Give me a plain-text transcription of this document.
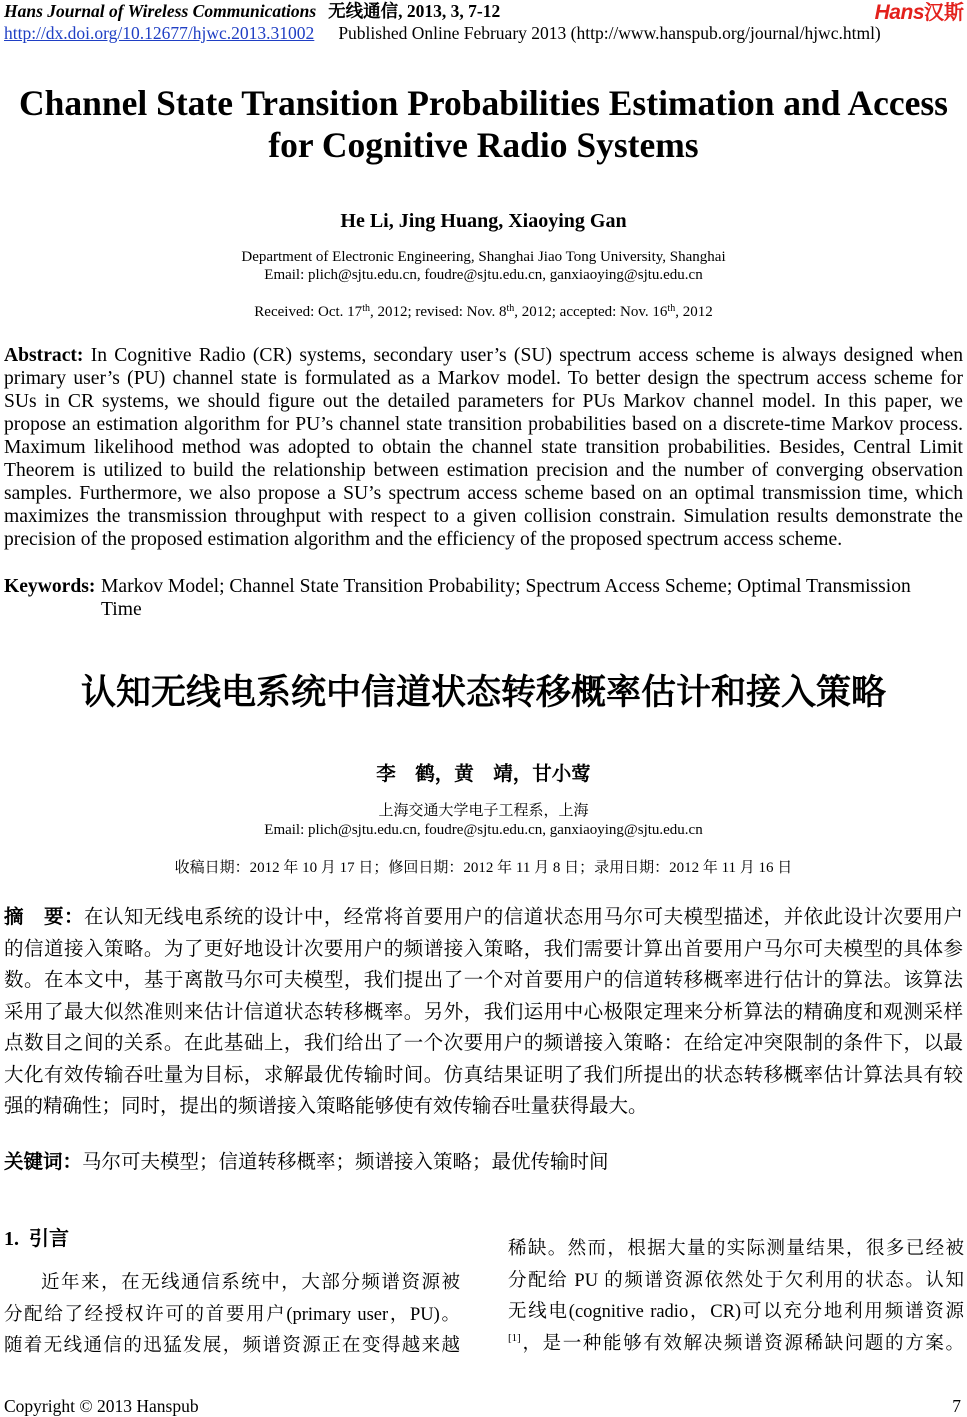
Hans Journal of Wireless Communications 无线通信, 2013, 3, 7-12	Hans汉斯
http://dx.doi.org/10.12677/hjwc.2013.31002 Published Online February 2013 (http://www.hanspub.org/journal/hjwc.html)
Channel State Transition Probabilities Estimation and Access
for Cognitive Radio Systems
He Li, Jing Huang, Xiaoying Gan
Department of Electronic Engineering, Shanghai Jiao Tong University, Shanghai
Email: plich@sjtu.edu.cn, foudre@sjtu.edu.cn, ganxiaoying@sjtu.edu.cn
Received: Oct. 17th, 2012; revised: Nov. 8th, 2012; accepted: Nov. 16th, 2012
Abstract: In Cognitive Radio (CR) systems, secondary user’s (SU) spectrum access scheme is always designed when
primary user’s (PU) channel state is formulated as a Markov model. To better design the spectrum access scheme for
SUs in CR systems, we should figure out the detailed parameters for PUs Markov channel model. In this paper, we
propose an estimation algorithm for PU’s channel state transition probabilities based on a discrete-time Markov process.
Maximum likelihood method was adopted to obtain the channel state transition probabilities. Besides, Central Limit
Theorem is utilized to build the relationship between estimation precision and the number of converging observation
samples. Furthermore, we also propose a SU’s spectrum access scheme based on an optimal transmission time, which
maximizes the transmission throughput with respect to a given collision constrain. Simulation results demonstrate the
precision of the proposed estimation algorithm and the efficiency of the proposed spectrum access scheme.
Keywords: Markov Model; Channel State Transition Probability; Spectrum Access Scheme; Optimal Transmission
Time
认知无线电系统中信道状态转移概率估计和接入策略
李　鹤，黄　靖，甘小莺
上海交通大学电子工程系，上海
Email: plich@sjtu.edu.cn, foudre@sjtu.edu.cn, ganxiaoying@sjtu.edu.cn
收稿日期：2012 年 10 月 17 日；修回日期：2012 年 11 月 8 日；录用日期：2012 年 11 月 16 日
摘　要：在认知无线电系统的设计中，经常将首要用户的信道状态用马尔可夫模型描述，并依此设计次要用户
的信道接入策略。为了更好地设计次要用户的频谱接入策略，我们需要计算出首要用户马尔可夫模型的具体参
数。在本文中，基于离散马尔可夫模型，我们提出了一个对首要用户的信道转移概率进行估计的算法。该算法
采用了最大似然准则来估计信道状态转移概率。另外，我们运用中心极限定理来分析算法的精确度和观测采样
点数目之间的关系。在此基础上，我们给出了一个次要用户的频谱接入策略：在给定冲突限制的条件下，以最
大化有效传输吞吐量为目标，求解最优传输时间。仿真结果证明了我们所提出的状态转移概率估计算法具有较
强的精确性；同时，提出的频谱接入策略能够使有效传输吞吐量获得最大。
关键词：马尔可夫模型；信道转移概率；频谱接入策略；最优传输时间
1. 引言
近年来，在无线通信系统中，大部分频谱资源被
分配给了经授权许可的首要用户(primary user，PU)。
随着无线通信的迅猛发展，频谱资源正在变得越来越
稀缺。然而，根据大量的实际测量结果，很多已经被
分配给 PU 的频谱资源依然处于欠利用的状态。认知
无线电(cognitive radio，CR)可以充分地利用频谱资源
[1]，是一种能够有效解决频谱资源稀缺问题的方案。
Copyright © 2013 Hanspub	7
